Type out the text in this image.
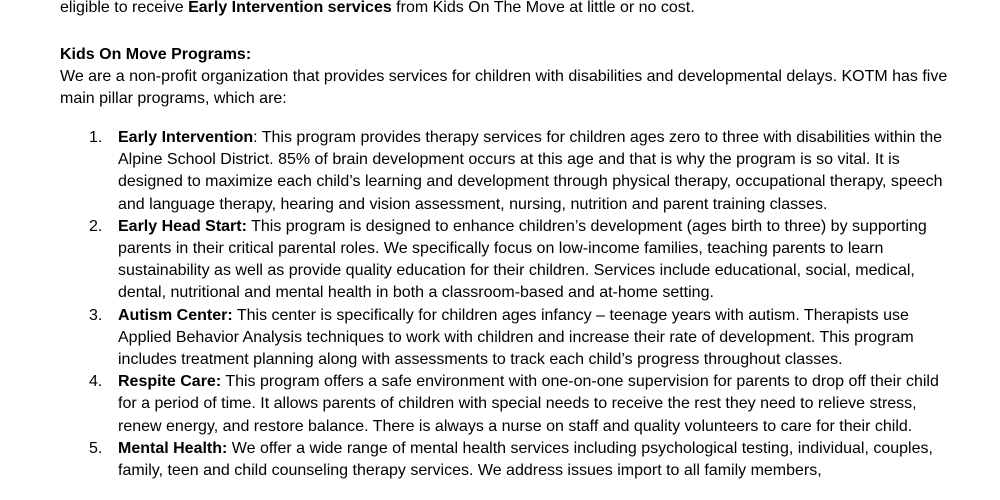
eligible to receive Early Intervention services from Kids On The Move at little or no cost.
Kids On Move Programs:
We are a non-profit organization that provides services for children with disabilities and developmental delays. KOTM has five main pillar programs, which are:
1. Early Intervention: This program provides therapy services for children ages zero to three with disabilities within the Alpine School District. 85% of brain development occurs at this age and that is why the program is so vital. It is designed to maximize each child’s learning and development through physical therapy, occupational therapy, speech and language therapy, hearing and vision assessment, nursing, nutrition and parent training classes.
2. Early Head Start: This program is designed to enhance children’s development (ages birth to three) by supporting parents in their critical parental roles. We specifically focus on low-income families, teaching parents to learn sustainability as well as provide quality education for their children. Services include educational, social, medical, dental, nutritional and mental health in both a classroom-based and at-home setting.
3. Autism Center: This center is specifically for children ages infancy – teenage years with autism. Therapists use Applied Behavior Analysis techniques to work with children and increase their rate of development. This program includes treatment planning along with assessments to track each child’s progress throughout classes.
4. Respite Care: This program offers a safe environment with one-on-one supervision for parents to drop off their child for a period of time. It allows parents of children with special needs to receive the rest they need to relieve stress, renew energy, and restore balance. There is always a nurse on staff and quality volunteers to care for their child.
5. Mental Health: We offer a wide range of mental health services including psychological testing, individual, couples, family, teen and child counseling therapy services. We address issues import to all family members,
